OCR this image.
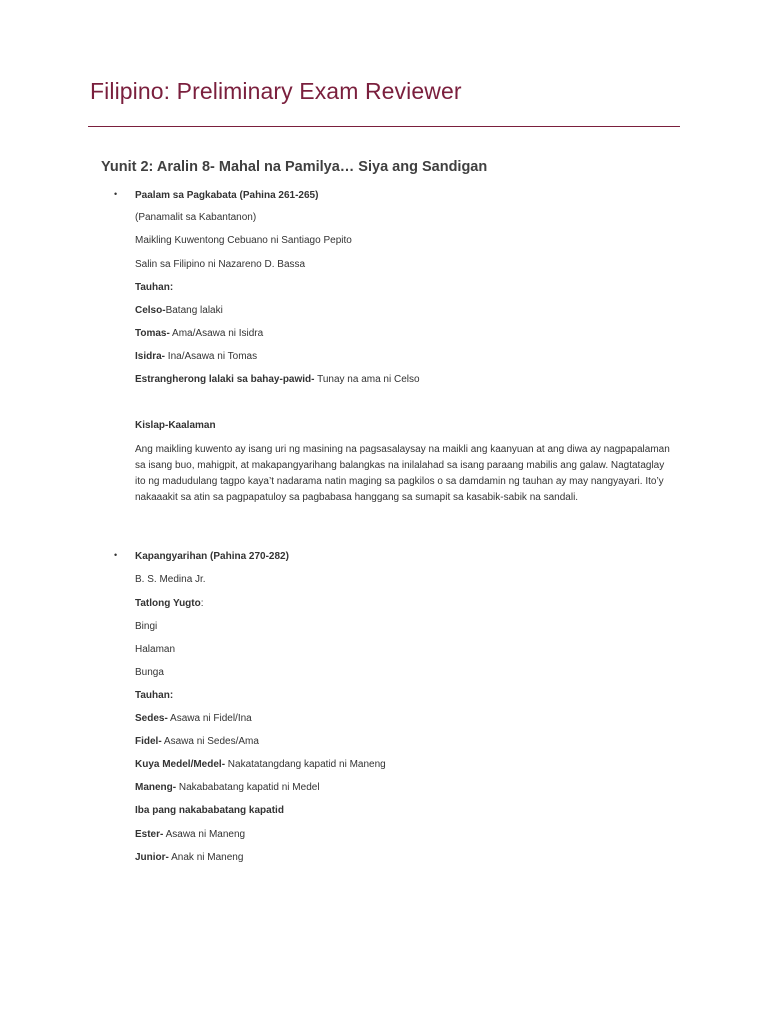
Filipino: Preliminary Exam Reviewer
Yunit 2: Aralin 8- Mahal na Pamilya… Siya ang Sandigan
• Paalam sa Pagkabata (Pahina 261-265)
(Panamalit sa Kabantanon)
Maikling Kuwentong Cebuano ni Santiago Pepito
Salin sa Filipino ni Nazareno D. Bassa
Tauhan:
Celso-Batang lalaki
Tomas- Ama/Asawa ni Isidra
Isidra- Ina/Asawa ni Tomas
Estrangherong lalaki sa bahay-pawid- Tunay na ama ni Celso
Kislap-Kaalaman

Ang maikling kuwento ay isang uri ng masining na pagsasalaysay na maikli ang kaanyuan at ang diwa ay nagpapalaman sa isang buo, mahigpit, at makapangyarihang balangkas na inilalahad sa isang paraang mabilis ang galaw. Nagtataglay ito ng madudulang tagpo kaya’t nadarama natin maging sa pagkilos o sa damdamin ng tauhan ay may nangyayari. Ito’y nakaaakit sa atin sa pagpapatuloy sa pagbabasa hanggang sa sumapit sa kasabik-sabik na sandali.

• Kapangyarihan (Pahina 270-282)
B. S. Medina Jr.
Tatlong Yugto:
Bingi
Halaman
Bunga
Tauhan:
Sedes- Asawa ni Fidel/Ina
Fidel- Asawa ni Sedes/Ama
Kuya Medel/Medel- Nakatatangdang kapatid ni Maneng
Maneng- Nakababatang kapatid ni Medel
Iba pang nakababatang kapatid
Ester- Asawa ni Maneng
Junior- Anak ni Maneng
